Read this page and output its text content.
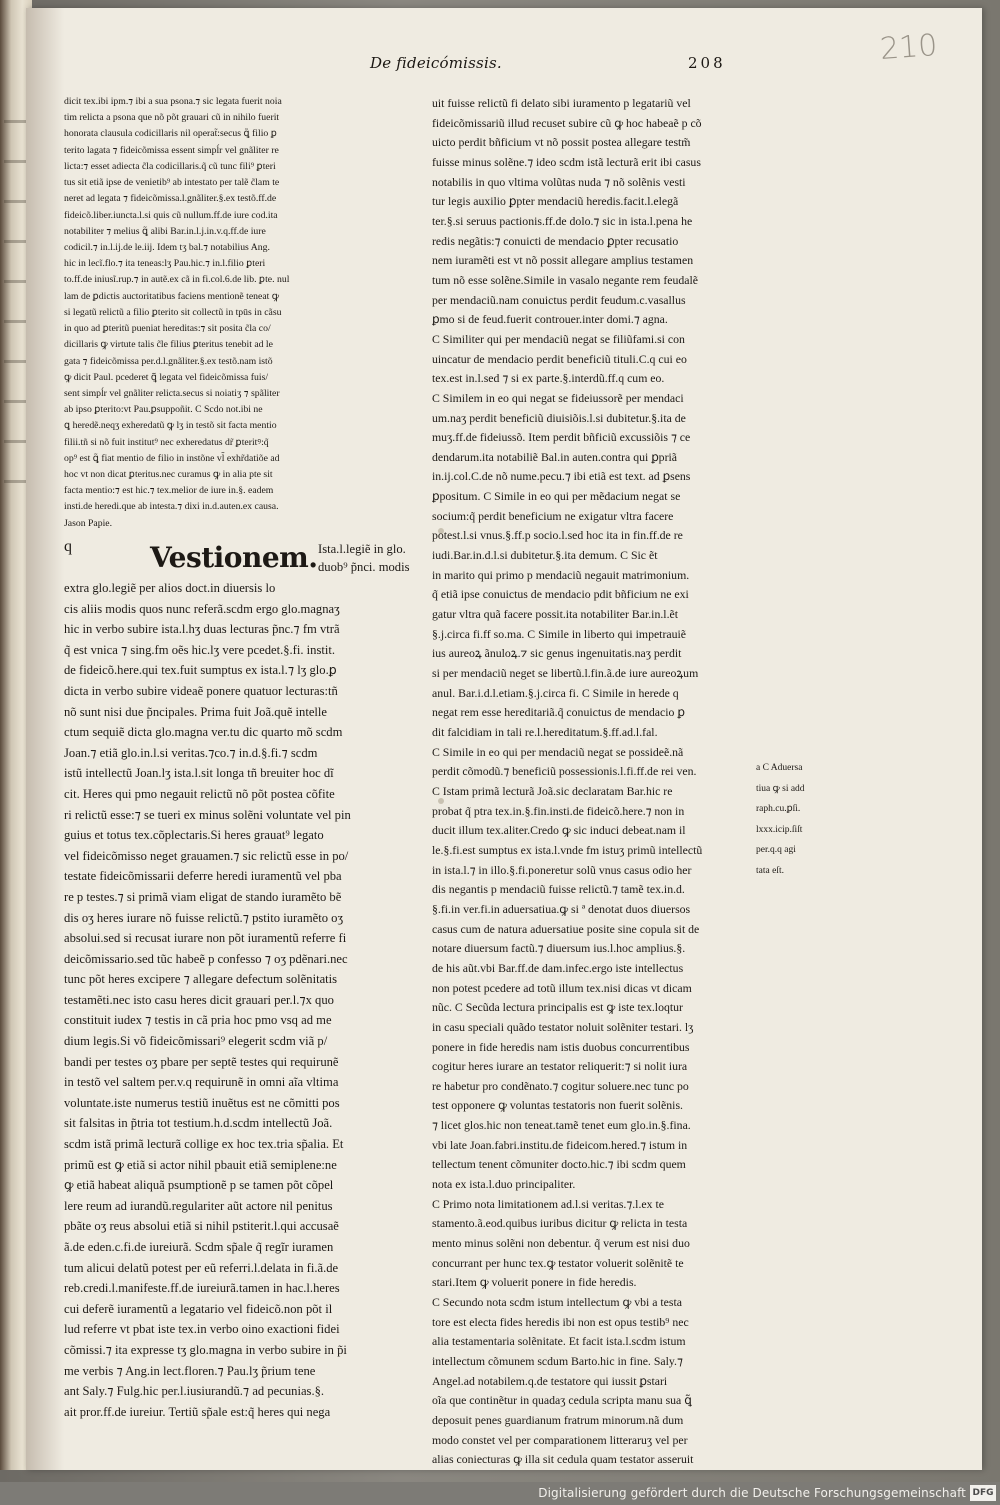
De fideicómissis.	208	210
dicit tex.ibi ipm.⁊ ibi a sua psona.⁊ sic legata fuerit noia
tim relicta a psona que nõ põt grauari cũ in nihilo fuerit
honorata clausula codicillaris nil operat̃:secus ꝗ̃ filio ꝑ
terito lagata ⁊ fideicõmissa essent simpĺr vel gnãliter re
licta:⁊ esset adiecta c̃la codicillaris.q̃ cũ tunc fili⁹ ꝑteri
tus sit etiã ipse de venietib⁹ ab intestato per talẽ c̃lam te
neret ad legata ⁊ fideicõmissa.l.gnãliter.§.ex testõ.ff.de
fideicõ.liber.iuncta.l.si quis cũ nullum.ff.de iure cod.ita
notabiliter ⁊ melius ꝗ̃ alibi Bar.in.l.j.in.v.q.ff.de iure
codicil.⁊ in.l.ij.de le.iij. Idem tʒ bal.⁊ notabilius Ang.
hic in lecĩ.flo.⁊ ita teneas:lʒ Pau.hic.⁊ in.l.filio ꝑteri
to.ff.de iniusĩ.rup.⁊ in autẽ.ex cã in fi.col.6.de lib. ꝑte. nul
lam de ꝑdictis auctoritatibus faciens mentionẽ teneat ꝙ
si legatũ relictũ a filio ꝑterito sit collectũ in tpūs in cãsu
in quo ad ꝑteritũ pueniat hereditas:⁊ sit posita c̃la co/
dicillaris ꝙ virtute talis c̃le filius ꝑteritus tenebit ad le
gata ⁊ fideicõmissa per.d.l.gnãliter.§.ex testõ.nam istõ
ꝙ dicit Paul. pcederet ꝗ̃ legata vel fideicõmissa fuis/
sent simpĺr vel gnãliter relicta.secus si noiatiʒ ⁊ spãliter
ab ipso ꝑterito:vt Pau.ꝑsuppoñit. C Scdo not.ibi ne
ꝗ heredẽ.neqʒ exheredatũ ꝙ lʒ in testõ sit facta mentio
filii.tñ si nõ fuit institut⁹ nec exheredatus dr̃ ꝑteritꝰ:q̃
op⁹ est ꝗ̃ fiat mentio de filio in instõne vl̃ exhr̃datiõe ad
hoc vt non dicat ꝑteritus.nec curamus ꝙ in alia pte sit
facta mentio:⁊ est hic.⁊ tex.melior de iure in.§. eadem
insti.de heredi.que ab intesta.⁊ dixi in.d.auten.ex causa.
Jason Papie.
q	Vestionem. Ista.l.legiẽ in glo.
duob⁹ p̃nci. modis
extra glo.legiẽ per alios doct.in diuersis lo
cis aliis modis quos nunc referã.scdm ergo glo.magnaʒ
hic in verbo subire ista.l.hʒ duas lecturas p̃nc.⁊ fm vtrã
q̃ est vnica ⁊ sing.fm oẽs hic.lʒ vere pcedet.§.fi. instit.
de fideicõ.here.qui tex.fuit sumptus ex ista.l.⁊ lʒ glo.ꝑ
dicta in verbo subire videaẽ ponere quatuor lecturas:tñ
nõ sunt nisi due p̃ncipales. Prima fuit Joã.quẽ intelle
ctum sequiẽ dicta glo.magna ver.tu dic quarto mõ scdm
Joan.⁊ etiã glo.in.l.si veritas.⁊co.⁊ in.d.§.fi.⁊ scdm
istũ intellectũ Joan.lʒ ista.l.sit longa tñ breuiter hoc dĩ
cit. Heres qui pmo negauit relictũ nõ põt postea cõfite
ri relictũ esse:⁊ se tueri ex minus solẽni voluntate vel pin
guius et totus tex.cõplectaris.Si heres grauat⁹ legato
vel fideicõmisso neget grauamen.⁊ sic relictũ esse in po/
testate fideicõmissarii deferre heredi iuramentũ vel pba
re p testes.⁊ si primã viam eligat de stando iuramẽto bẽ
dis oʒ heres iurare nõ fuisse relictũ.⁊ pstito iuramẽto oʒ
absolui.sed si recusat iurare non põt iuramentũ referre fi
deicõmissario.sed tũc habeẽ p confesso ⁊ oʒ pdẽnari.nec
tunc põt heres excipere ⁊ allegare defectum solẽnitatis
testamẽti.nec isto casu heres dicit grauari per.l.⁊x quo
constituit iudex ⁊ testis in cã pria hoc pmo vsq ad me
dium legis.Si võ fideicõmissari⁹ elegerit scdm viã p/
bandi per testes oʒ pbare per septẽ testes qui requirunẽ
in testõ vel saltem per.v.q requirunẽ in omni aĩa vltima
voluntate.iste numerus testiũ inuẽtus est ne cõmitti pos
sit falsitas in p̃tria tot testium.h.d.scdm intellectũ Joã.
scdm istã primã lecturã collige ex hoc tex.tria sp̃alia. Et
primũ est ꝙ etiã si actor nihil pbauit etiã semiplene:ne
ꝙ etiã habeat aliquã psumptionẽ p se tamen põt cõpel
lere reum ad iurandũ.regulariter aũt actore nil penitus
pbãte oʒ reus absolui etiã si nihil pstiterit.l.qui accusaẽ
ã.de eden.c.fi.de iureiurã. Scdm sp̃ale q̃ regĩr iuramen
tum alicui delatũ potest per eũ referri.l.delata in fi.ã.de
reb.credi.l.manifeste.ff.de iureiurã.tamen in hac.l.heres
cui deferẽ iuramentũ a legatario vel fideicõ.non põt il
lud referre vt pbat iste tex.in verbo oino exactioni fidei
cõmissi.⁊ ita expresse tʒ glo.magna in verbo subire in p̃i
me verbis ⁊ Ang.in lect.floren.⁊ Pau.lʒ p̃rium tene
ant Saly.⁊ Fulg.hic per.l.iusiurandũ.⁊ ad pecunias.§.
ait pror.ff.de iureiur. Tertiũ sp̃ale est:q̃ heres qui nega
uit fuisse relictũ fi delato sibi iuramento p legatariũ vel
fideicõmissariũ illud recuset subire cũ ꝙ hoc habeaẽ p cõ
uicto perdit bñficium vt nõ possit postea allegare testm̃
fuisse minus solẽne.⁊ ideo scdm istã lecturã erit ibi casus
notabilis in quo vltima volũtas nuda ⁊ nõ solẽnis vesti
tur legis auxilio ꝑpter mendaciũ heredis.facit.l.elegã
ter.§.si seruus pactionis.ff.de dolo.⁊ sic in ista.l.pena he
redis negãtis:⁊ conuicti de mendacio ꝑpter recusatio
nem iuramẽti est vt nõ possit allegare amplius testamen
tum nõ esse solẽne.Simile in vasalo negante rem feudalẽ
per mendaciũ.nam conuictus perdit feudum.c.vasallus
ꝑmo si de feud.fuerit controuer.inter domi.⁊ agna.
C Similiter qui per mendaciũ negat se filiũfami.si con
uincatur de mendacio perdit beneficiũ tituli.C.q cui eo
tex.est in.l.sed ⁊ si ex parte.§.interdũ.ff.q cum eo.
C Similem in eo qui negat se fideiussorẽ per mendaci
um.naʒ perdit beneficiũ diuisiõis.l.si dubitetur.§.ita de
muʒ.ff.de fideiussõ. Item perdit bñficiũ excussiõis ⁊ ce
dendarum.ita notabiliẽ Bal.in auten.contra qui ꝑpriã
in.ij.col.C.de nõ nume.pecu.⁊ ibi etiã est text. ad ꝑsens
ꝑpositum. C Simile in eo qui per mẽdacium negat se
socium:q̃ perdit beneficium ne exigatur vltra facere
potest.l.si vnus.§.ff.p socio.l.sed hoc ita in fin.ff.de re
iudi.Bar.in.d.l.si dubitetur.§.ita demum. C Sic ẽt
in marito qui primo p mendaciũ negauit matrimonium.
q̃ etiã ipse conuictus de mendacio pdit bñficium ne exi
gatur vltra quã facere possit.ita notabiliter Bar.in.l.ẽt
§.j.circa fi.ff so.ma. C Simile in liberto qui impetrauiẽ
ius aureoꝝ ãnuloꝝ.⁊ sic genus ingenuitatis.naʒ perdit
si per mendaciũ neget se libertũ.l.fin.ã.de iure aureoꝝum
anul. Bar.i.d.l.etiam.§.j.circa fi. C Simile in herede q
negat rem esse hereditariã.q̃ conuictus de mendacio ꝑ
dit falcidiam in tali re.l.hereditatum.§.ff.ad.l.fal.
C Simile in eo qui per mendaciũ negat se possideẽ.nã
perdit cõmodũ.⁊ beneficiũ possessionis.l.fi.ff.de rei ven.
C Istam primã lecturã Joã.sic declaratam Bar.hic re
probat q̃ ptra tex.in.§.fin.insti.de fideicõ.here.⁊ non in
ducit illum tex.aliter.Credo ꝙ sic induci debeat.nam il
le.§.fi.est sumptus ex ista.l.vnde fm istuʒ primũ intellectũ
in ista.l.⁊ in illo.§.fi.poneretur solũ vnus casus odio her
dis negantis p mendaciũ fuisse relictũ.⁊ tamẽ tex.in.d.
§.fi.in ver.fi.in aduersatiua.ꝙ si ª denotat duos diuersos
casus cum de natura aduersatiue posite sine copula sit de
notare diuersum factũ.⁊ diuersum ius.l.hoc amplius.§.
de his aũt.vbi Bar.ff.de dam.infec.ergo iste intellectus
non potest pcedere ad totũ illum tex.nisi dicas vt dicam
nũc. C Secũda lectura principalis est ꝙ iste tex.loqtur
in casu speciali quãdo testator noluit solẽniter testari. lʒ
ponere in fide heredis nam istis duobus concurrentibus
cogitur heres iurare an testator reliquerit:⁊ si nolit iura
re habetur pro condẽnato.⁊ cogitur soluere.nec tunc po
test opponere ꝙ voluntas testatoris non fuerit solẽnis.
⁊ licet glos.hic non teneat.tamẽ tenet eum glo.in.§.fina.
vbi late Joan.fabri.institu.de fideicom.hered.⁊ istum in
tellectum tenent cõmuniter docto.hic.⁊ ibi scdm quem
nota ex ista.l.duo principaliter.
C Primo nota limitationem ad.l.si veritas.⁊.l.ex te
stamento.ã.eod.quibus iuribus dicitur ꝙ relicta in testa
mento minus solẽni non debentur. q̃ verum est nisi duo
concurrant per hunc tex.ꝙ testator voluerit solẽnitẽ te
stari.Item ꝙ voluerit ponere in fide heredis.
C Secundo nota scdm istum intellectum ꝙ vbi a testa
tore est electa fides heredis ibi non est opus testib⁹ nec
alia testamentaria solẽnitate. Et facit ista.l.scdm istum
intellectum cõmunem scdum Barto.hic in fine. Saly.⁊
Angel.ad notabilem.q.de testatore qui iussit ꝑstari
oĩa que continẽtur in quadaʒ cedula scripta manu sua ꝗ̃
deposuit penes guardianum fratrum minorum.nã dum
modo constet vel per comparationem litteraruʒ vel per
alias coniecturas ꝙ illa sit cedula quam testator asseruit
a C Aduersa
tiua ꝙ si add
raph.cu.ꝑſi.
lxxx.icip.ſiſt
per.q.q agi
tata eſt.
Digitalisierung gefördert durch die Deutsche Forschungsgemeinschaft DFG
